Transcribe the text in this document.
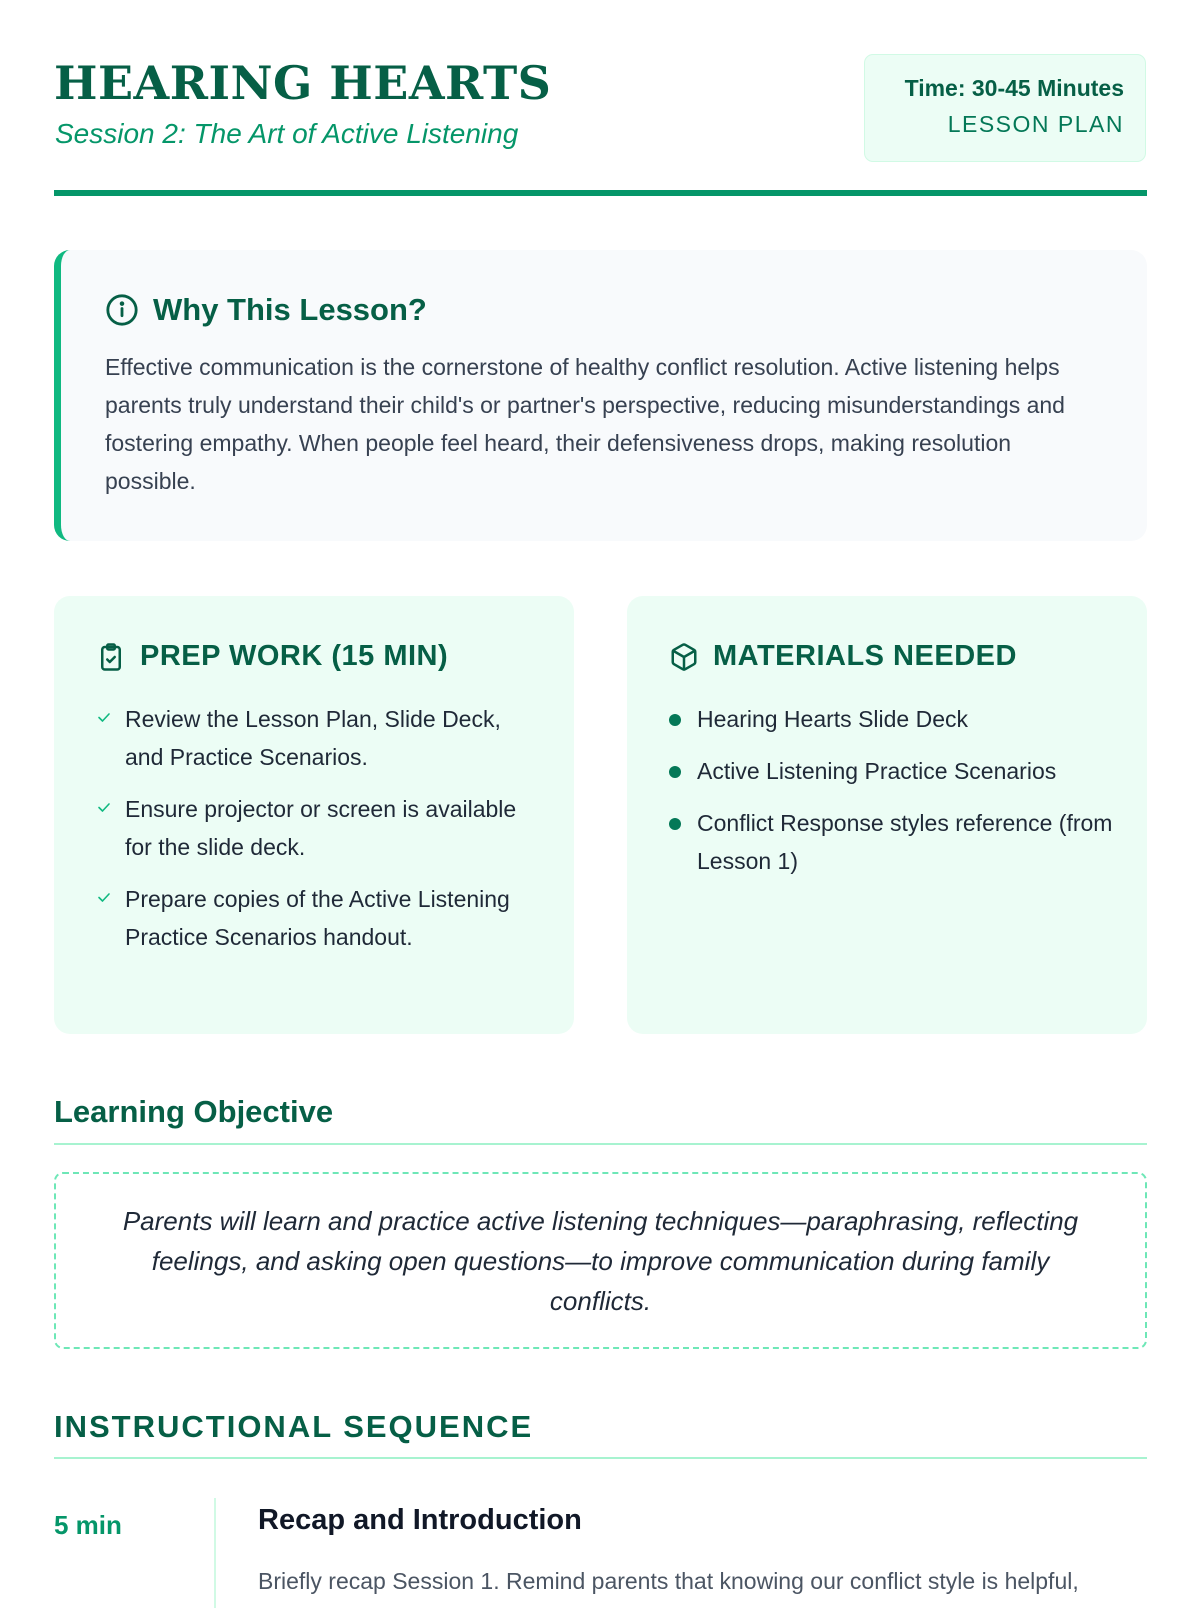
HEARING HEARTS

Session 2: The Art of Active Listening

Time: 30-45 Minutes
LESSON PLAN
Why This Lesson?

Effective communication is the cornerstone of healthy conflict resolution. Active listening helps parents truly understand their child's or partner's perspective, reducing misunderstandings and fostering empathy. When people feel heard, their defensiveness drops, making resolution possible.

PREP WORK (15 MIN)
Review the Lesson Plan, Slide Deck, and Practice Scenarios.
Ensure projector or screen is available for the slide deck.
Prepare copies of the Active Listening Practice Scenarios handout.
MATERIALS NEEDED
Hearing Hearts Slide Deck
Active Listening Practice Scenarios
Conflict Response styles reference (from Lesson 1)
Learning Objective

Parents will learn and practice active listening techniques—paraphrasing, reflecting feelings, and asking open questions—to improve communication during family conflicts.

INSTRUCTIONAL SEQUENCE
5 min	Recap and Introduction

Briefly recap Session 1. Remind parents that knowing our conflict style is helpful,
